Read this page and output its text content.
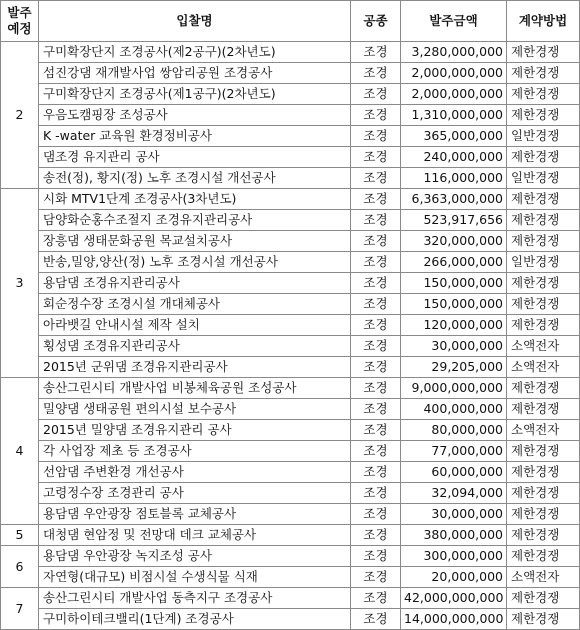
발주
예정	입찰명	공종	발주금액	계약방법
2	구미확장단지 조경공사(제2공구)(2차년도)	조경	3,280,000,000	제한경쟁
	섬진강댐 재개발사업 쌍암리공원 조경공사	조경	2,000,000,000	제한경쟁
	구미확장단지 조경공사(제1공구)(2차년도)	조경	2,000,000,000	제한경쟁
	우음도캠핑장 조성공사	조경	1,310,000,000	제한경쟁
	K -water 교육원 환경정비공사	조경	365,000,000	일반경쟁
	댐조경 유지관리 공사	조경	240,000,000	제한경쟁
	송전(정), 황지(정) 노후 조경시설 개선공사	조경	116,000,000	일반경쟁
3	시화 MTV1단계 조경공사(3차년도)	조경	6,363,000,000	제한경쟁
	담양화순홍수조절지 조경유지관리공사	조경	523,917,656	제한경쟁
	장흥댐 생태문화공원 목교설치공사	조경	320,000,000	제한경쟁
	반송,밀양,양산(정) 노후 조경시설 개선공사	조경	266,000,000	일반경쟁
	용담댐 조경유지관리공사	조경	150,000,000	제한경쟁
	회순정수장 조경시설 개대체공사	조경	150,000,000	제한경쟁
	아라뱃길 안내시설 제작 설치	조경	120,000,000	제한경쟁
	횡성댐 조경유지관리공사	조경	30,000,000	소액전자
	2015년 군위댐 조경유지관리공사	조경	29,205,000	소액전자
4	송산그린시티 개발사업 비봉체육공원 조성공사	조경	9,000,000,000	제한경쟁
	밀양댐 생태공원 편의시설 보수공사	조경	400,000,000	제한경쟁
	2015년 밀양댐 조경유지관리 공사	조경	80,000,000	소액전자
	각 사업장 제초 등 조경공사	조경	77,000,000	제한경쟁
	선암댐 주변환경 개선공사	조경	60,000,000	제한경쟁
	고령정수장 조경관리 공사	조경	32,094,000	제한경쟁
	용담댐 우안광장 점토블록 교체공사	조경	30,000,000	제한경쟁
5	대청댐 현암정 및 전망대 데크 교체공사	조경	380,000,000	제한경쟁
6	용담댐 우안광장 녹지조성 공사	조경	300,000,000	제한경쟁
	자연형(대규모) 비점시설 수생식물 식재	조경	20,000,000	소액전자
7	송산그린시티 개발사업 동측지구 조경공사	조경	42,000,000,000	제한경쟁
	구미하이테크밸리(1단계) 조경공사	조경	14,000,000,000	제한경쟁
